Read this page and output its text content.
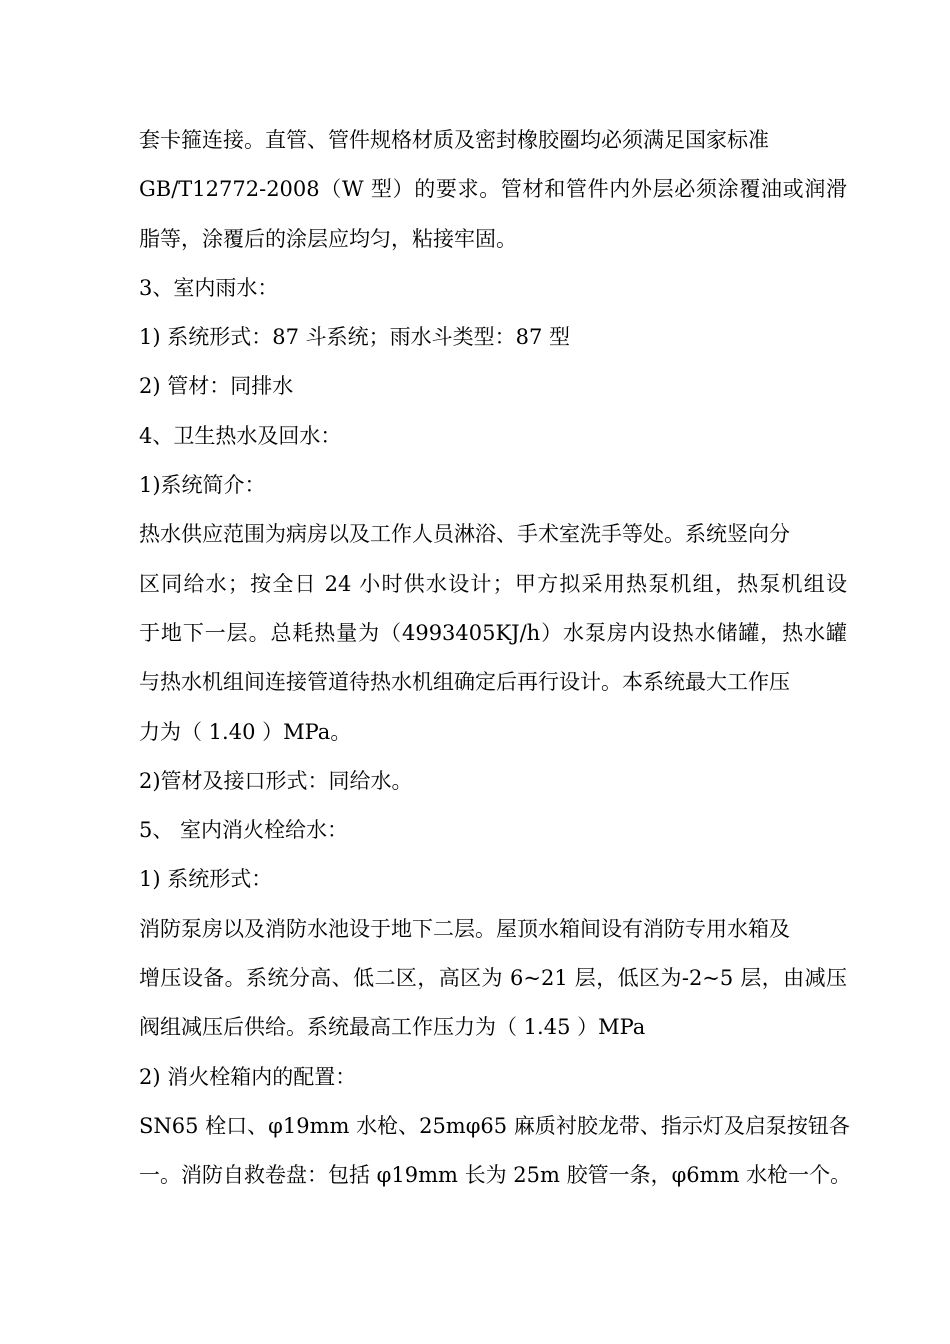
套卡箍连接。直管、管件规格材质及密封橡胶圈均必须满足国家标准
GB/T12772-2008（W 型）的要求。管材和管件内外层必须涂覆油或润滑
脂等，涂覆后的涂层应均匀，粘接牢固。
3、室内雨水：
1) 系统形式：87 斗系统；雨水斗类型：87 型
2) 管材：同排水
4、卫生热水及回水：
1)系统简介：
热水供应范围为病房以及工作人员淋浴、手术室洗手等处。系统竖向分
区同给水；按全日 24 小时供水设计；甲方拟采用热泵机组，热泵机组设
于地下一层。总耗热量为（4993405KJ/h）水泵房内设热水储罐，热水罐
与热水机组间连接管道待热水机组确定后再行设计。本系统最大工作压
力为（ 1.40 ）MPa。
2)管材及接口形式：同给水。
5、 室内消火栓给水：
1) 系统形式：
消防泵房以及消防水池设于地下二层。屋顶水箱间设有消防专用水箱及
增压设备。系统分高、低二区，高区为 6~21 层，低区为-2~5 层，由减压
阀组减压后供给。系统最高工作压力为（ 1.45 ）MPa
2) 消火栓箱内的配置：
SN65 栓口、φ19mm 水枪、25mφ65 麻质衬胶龙带、指示灯及启泵按钮各
一。消防自救卷盘：包括 φ19mm 长为 25m 胶管一条，φ6mm 水枪一个。
